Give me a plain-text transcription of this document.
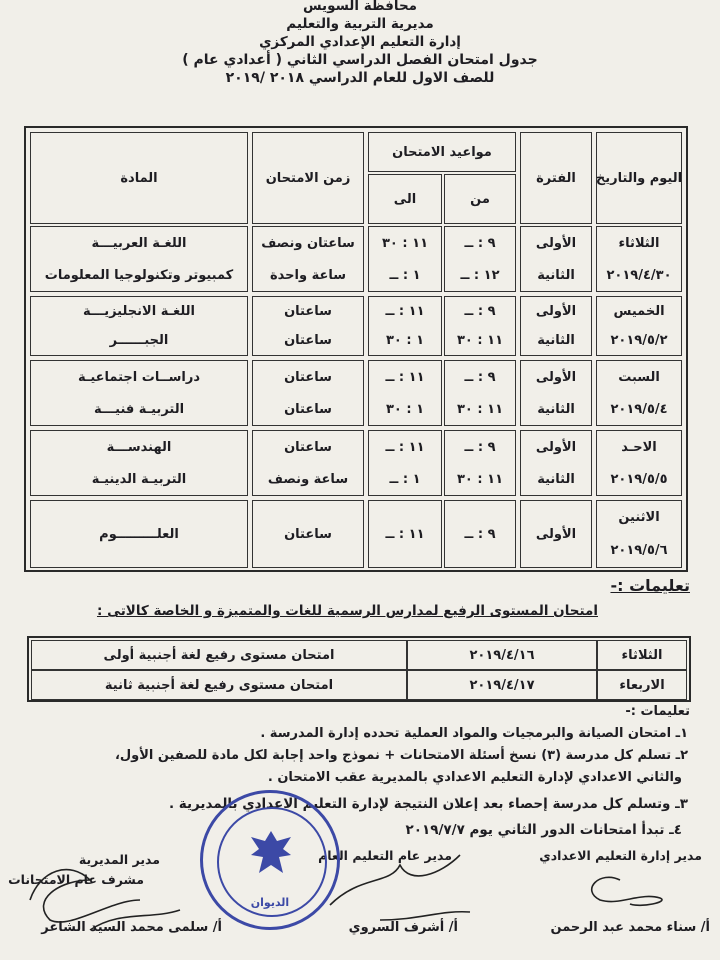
محافظة السويس
مديرية التربية والتعليم
إدارة التعليم الإعدادي المركزي
جدول امتحان الفصل الدراسي الثاني ( أعدادي عام )
للصف الاول للعام الدراسي ٢٠١٨ /٢٠١٩
اليوم والتاريخ
الفترة
مواعيد الامتحان
من
الى
زمن الامتحان
المادة
الثلاثاء
٢٠١٩/٤/٣٠
الأولى
الثانية
٩ : ــ
١٢ : ــ
١١ : ٣٠
١ : ــ
ساعتان ونصف
ساعة واحدة
اللغـة العربيـــة
كمبيوتر وتكنولوجيا المعلومات
الخميس
٢٠١٩/٥/٢
الأولى
الثانية
٩ : ــ
١١ : ٣٠
١١ : ــ
١ : ٣٠
ساعتان
ساعتان
اللغـة الانجليزيـــة
الجبــــــر
السبت
٢٠١٩/٥/٤
الأولى
الثانية
٩ : ــ
١١ : ٣٠
١١ : ــ
١ : ٣٠
ساعتان
ساعتان
دراســات اجتماعيـة
التربيـة فنيـــة
الاحـد
٢٠١٩/٥/٥
الأولى
الثانية
٩ : ــ
١١ : ٣٠
١١ : ــ
١ : ــ
ساعتان
ساعة ونصف
الهندســـة
التربيـة الدينيـة
الاثنين
٢٠١٩/٥/٦
الأولى
٩ : ــ
١١ : ــ
ساعتان
العلـــــــــوم
تعليمات :-
امتحان المستوى الرفيع لمدارس الرسمية للغات والمتميزة و الخاصة كالاتى :
الثلاثاء
٢٠١٩/٤/١٦
امتحان مستوى رفيع لغة أجنبية أولى
الاربعاء
٢٠١٩/٤/١٧
امتحان مستوى رفيع لغة أجنبية ثانية
تعليمات :-
١ـ امتحان الصيانة والبرمجيات والمواد العملية تحدده إدارة المدرسة .
٢ـ تسلم كل مدرسة (٣) نسخ أسئلة الامتحانات + نموذج واحد إجابة لكل مادة للصفين الأول،
والثاني الاعدادي لإدارة التعليم الاعدادي بالمديرية عقب الامتحان .
٣ـ وتسلم كل مدرسة إحصاء بعد إعلان النتيجة لإدارة التعليم الاعدادي بالمديرية .
٤ـ تبدأ امتحانات الدور الثاني يوم ٢٠١٩/٧/٧
مدير إدارة التعليم الاعدادي
مدير عام التعليم العام
مدير المديرية
مشرف عام الامتحانات
أ/ سناء محمد عبد الرحمن
أ/ أشرف السروي
أ/ سلمى محمد السيد الشاعر
الديوان
